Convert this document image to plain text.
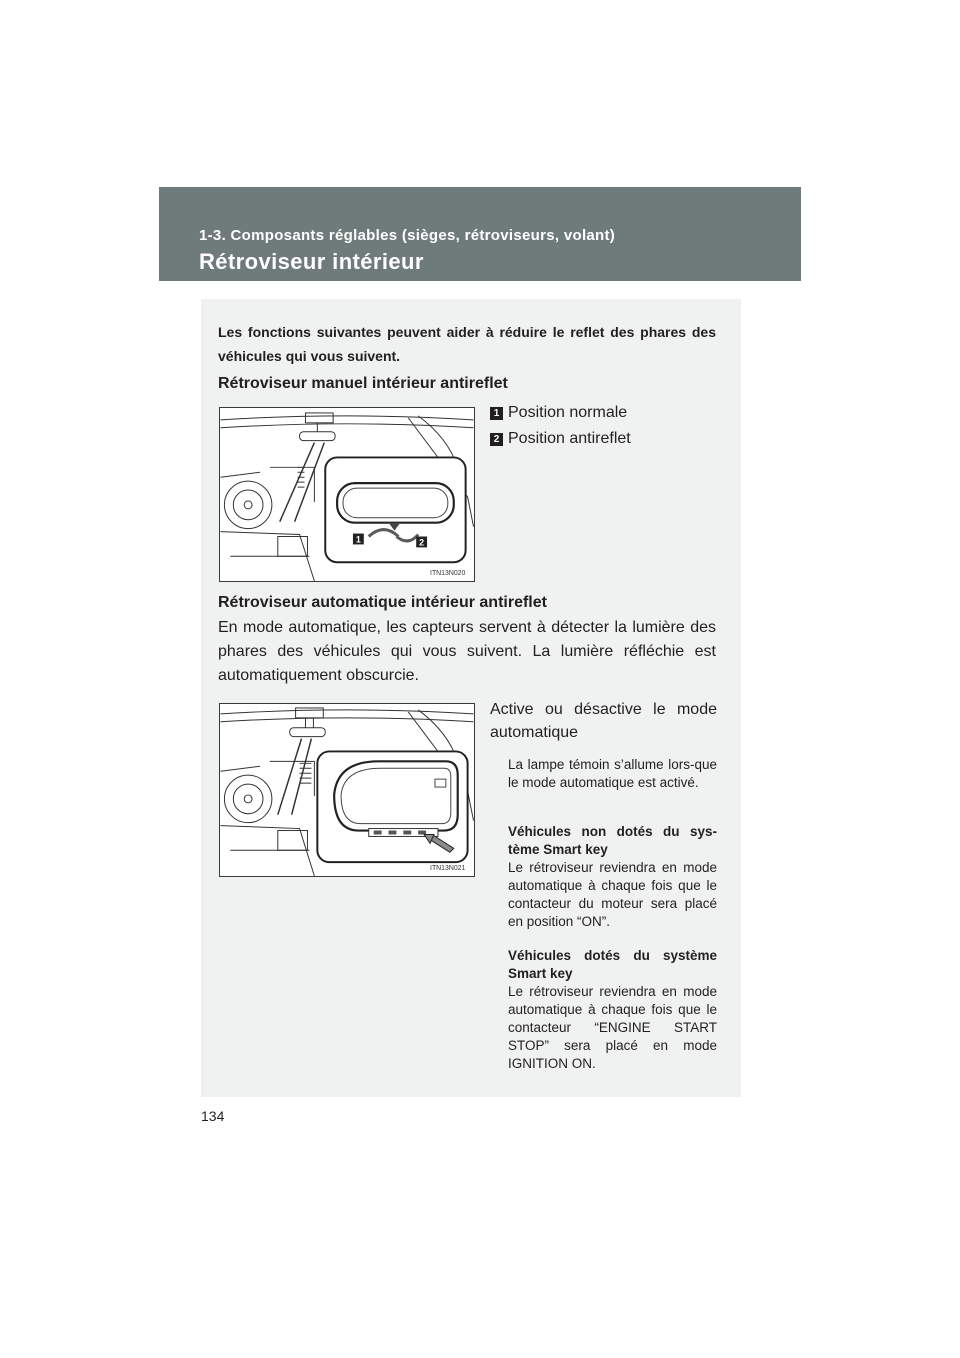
1-3. Composants réglables (sièges, rétroviseurs, volant)
Rétroviseur intérieur
Les fonctions suivantes peuvent aider à réduire le reflet des phares des véhicules qui vous suivent.
Rétroviseur manuel intérieur antireflet
1	2
ITN13N020
1 Position normale
2 Position antireflet
Rétroviseur automatique intérieur antireflet
En mode automatique, les capteurs servent à détecter la lumière des phares des véhicules qui vous suivent. La lumière réfléchie est automatiquement obscurcie.
ITN13N021
Active ou désactive le mode automatique
La lampe témoin s’allume lors-que le mode automatique est activé.
Véhicules non dotés du sys-tème Smart key
Le rétroviseur reviendra en mode automatique à chaque fois que le contacteur du moteur sera placé en position “ON”.
Véhicules dotés du système Smart key
Le rétroviseur reviendra en mode automatique à chaque fois que le contacteur “ENGINE START STOP” sera placé en mode IGNITION ON.
134
